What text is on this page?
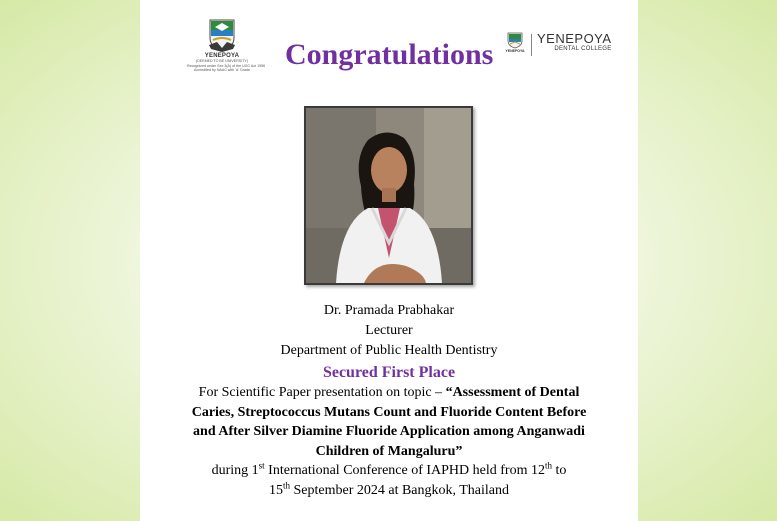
YENEPOYA
(DEEMED TO BE UNIVERSITY)
Recognized under Sec 3(A) of the UGC Act 1956
Accredited by NAAC with 'A' Grade Congratulations	YENEPOYA
YENEPOYA
DENTAL COLLEGE
Dr. Pramada Prabhakar
Lecturer
Department of Public Health Dentistry
Secured First Place
For Scientific Paper presentation on topic – “Assessment of Dental Caries, Streptococcus Mutans Count and Fluoride Content Before and After Silver Diamine Fluoride Application among Anganwadi Children of Mangaluru”
during 1st International Conference of IAPHD held from 12th to
15th September 2024 at Bangkok, Thailand
